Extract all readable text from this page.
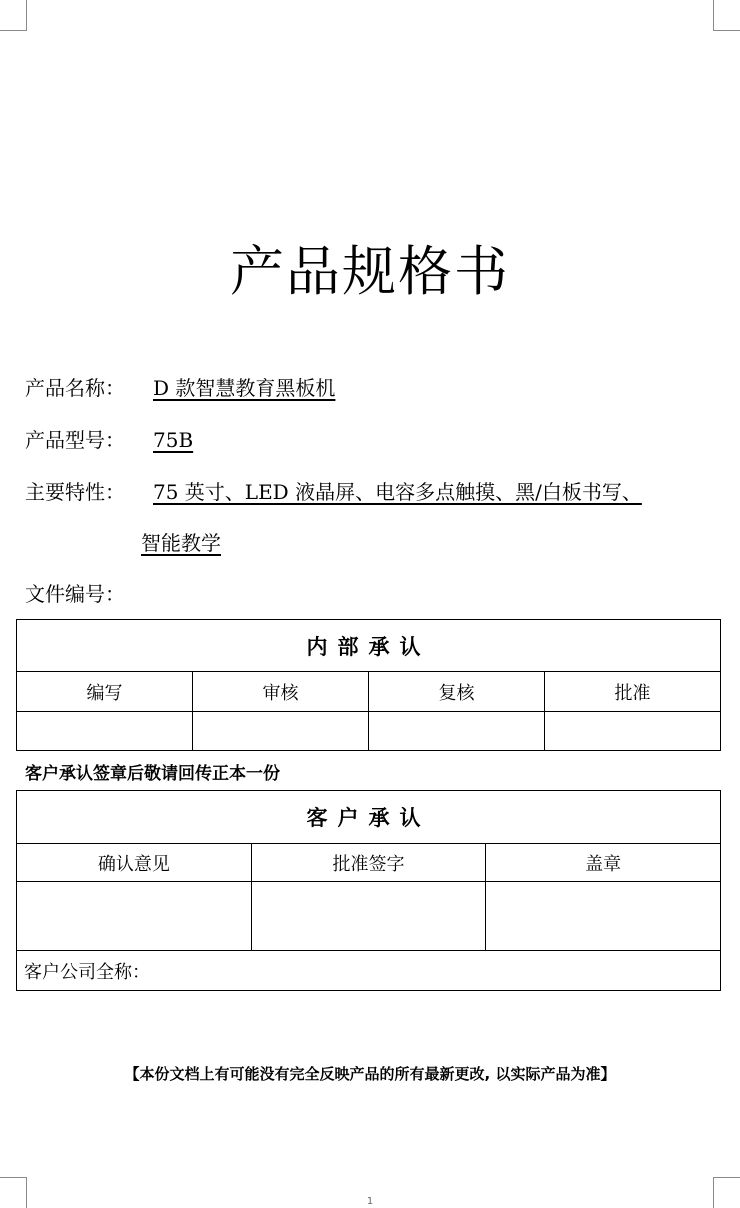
产品规格书
产品名称： D 款智慧教育黑板机
产品型号： 75B
主要特性： 75 英寸、LED 液晶屏、电容多点触摸、黑/白板书写、
智能教学
文件编号：
内部承认			
编写	审核	复核	批准

客户承认签章后敬请回传正本一份
客户承认		
确认意见	批准签字	盖章

客户公司全称：		
【本份文档上有可能没有完全反映产品的所有最新更改, 以实际产品为准】
1
